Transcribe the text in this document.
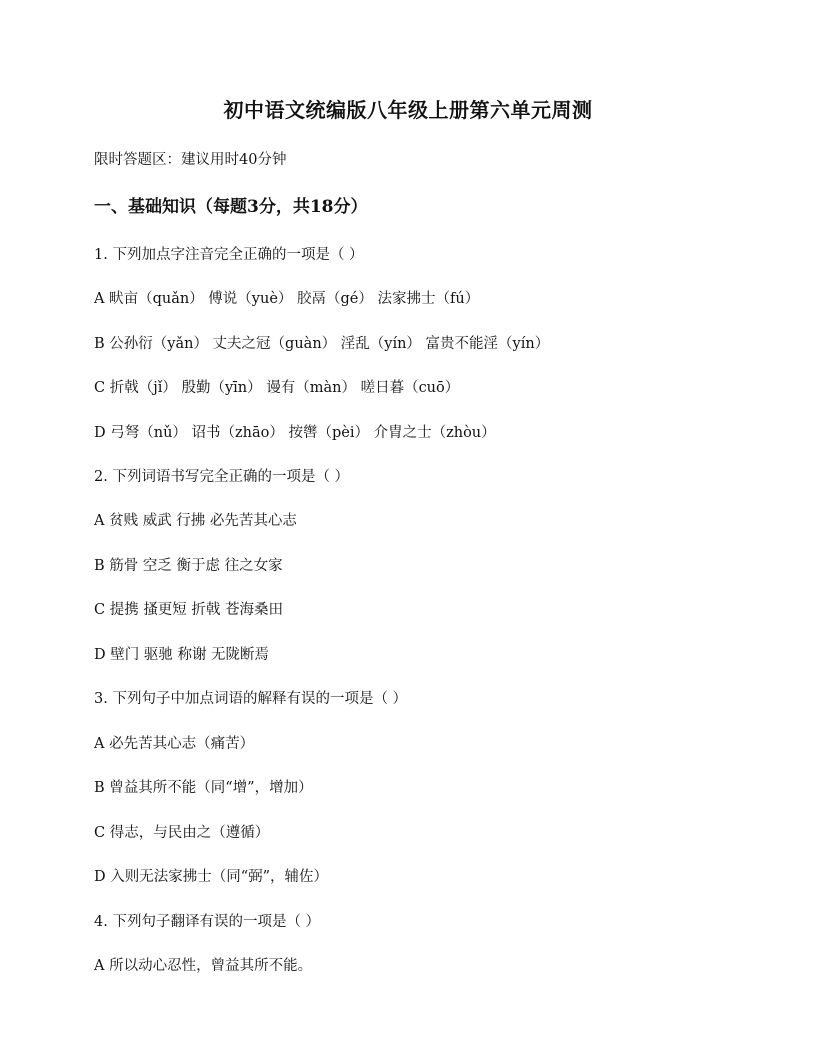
初中语文统编版八年级上册第六单元周测
限时答题区：建议用时40分钟
一、基础知识（每题3分，共18分）
1. 下列加点字注音完全正确的一项是（ ）
A 畎亩（quǎn） 傅说（yuè） 胶鬲（gé） 法家拂士（fú）
B 公孙衍（yǎn） 丈夫之冠（guàn） 淫乱（yín） 富贵不能淫（yín）
C 折戟（jǐ） 殷勤（yīn） 谩有（màn） 嗟日暮（cuō）
D 弓弩（nǔ） 诏书（zhāo） 按辔（pèi） 介胄之士（zhòu）
2. 下列词语书写完全正确的一项是（ ）
A 贫贱 威武 行拂 必先苦其心志
B 筋骨 空乏 衡于虑 往之女家
C 提携 搔更短 折戟 苍海桑田
D 壁门 驱驰 称谢 无陇断焉
3. 下列句子中加点词语的解释有误的一项是（ ）
A 必先苦其心志（痛苦）
B 曾益其所不能（同“增”，增加）
C 得志，与民由之（遵循）
D 入则无法家拂士（同“弼”，辅佐）
4. 下列句子翻译有误的一项是（ ）
A 所以动心忍性，曾益其所不能。
